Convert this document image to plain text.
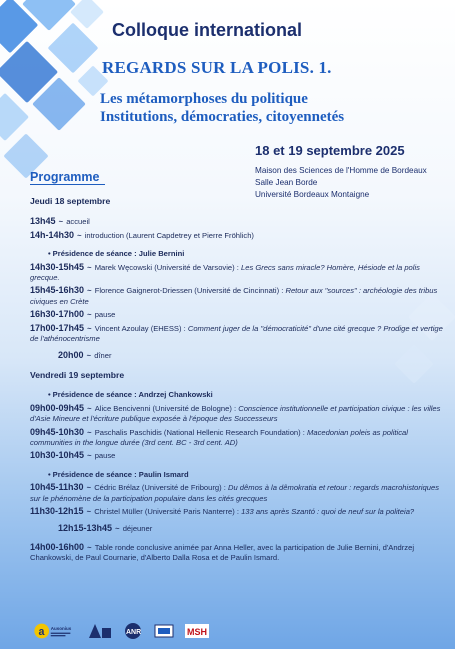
Colloque international
REGARDS SUR LA POLIS. 1.
Les métamorphoses du politique
Institutions, démocraties, citoyennetés
18 et 19 septembre 2025
Maison des Sciences de l'Homme de Bordeaux
Salle Jean Borde
Université Bordeaux Montaigne
Programme
Jeudi 18 septembre
13h45 ~ accueil
14h-14h30 ~ introduction (Laurent Capdetrey et Pierre Fröhlich)
• Présidence de séance : Julie Bernini
14h30-15h45 ~ Marek Węcowski (Université de Varsovie) : Les Grecs sans miracle? Homère, Hésiode et la polis grecque.
15h45-16h30 ~ Florence Gaignerot-Driessen (Université de Cincinnati) : Retour aux "sources" : archéologie des tribus civiques en Crète
16h30-17h00 ~ pause
17h00-17h45 ~ Vincent Azoulay (EHESS) : Comment juger de la "démocraticité" d'une cité grecque ? Prodige et vertige de l'athénocentrisme
20h00 ~ dîner
Vendredi 19 septembre
• Présidence de séance : Andrzej Chankowski
09h00-09h45 ~ Alice Bencivenni (Université de Bologne) : Conscience institutionnelle et participation civique : les villes d'Asie Mineure et l'écriture publique exposée à l'époque des Successeurs
09h45-10h30 ~ Paschalis Paschidis (National Hellenic Research Foundation) : Macedonian poleis as political communities in the longue durée (3rd cent. BC - 3rd cent. AD)
10h30-10h45 ~ pause
• Présidence de séance : Paulin Ismard
10h45-11h30 ~ Cédric Brélaz (Université de Fribourg) : Du dêmos à la dêmokratia et retour : regards macrohistoriques sur le phénomène de la participation populaire dans les cités grecques
11h30-12h15 ~ Christel Müller (Université Paris Nanterre) : 133 ans après Szantó : quoi de neuf sur la politeia?
12h15-13h45 ~ déjeuner
14h00-16h00 ~ Table ronde conclusive animée par Anna Heller, avec la participation de Julie Bernini, d'Andrzej Chankowski, de Paul Cournarie, d'Alberto Dalla Rosa et de Paulin Ismard.
a Ausonius
ANR	MSH
